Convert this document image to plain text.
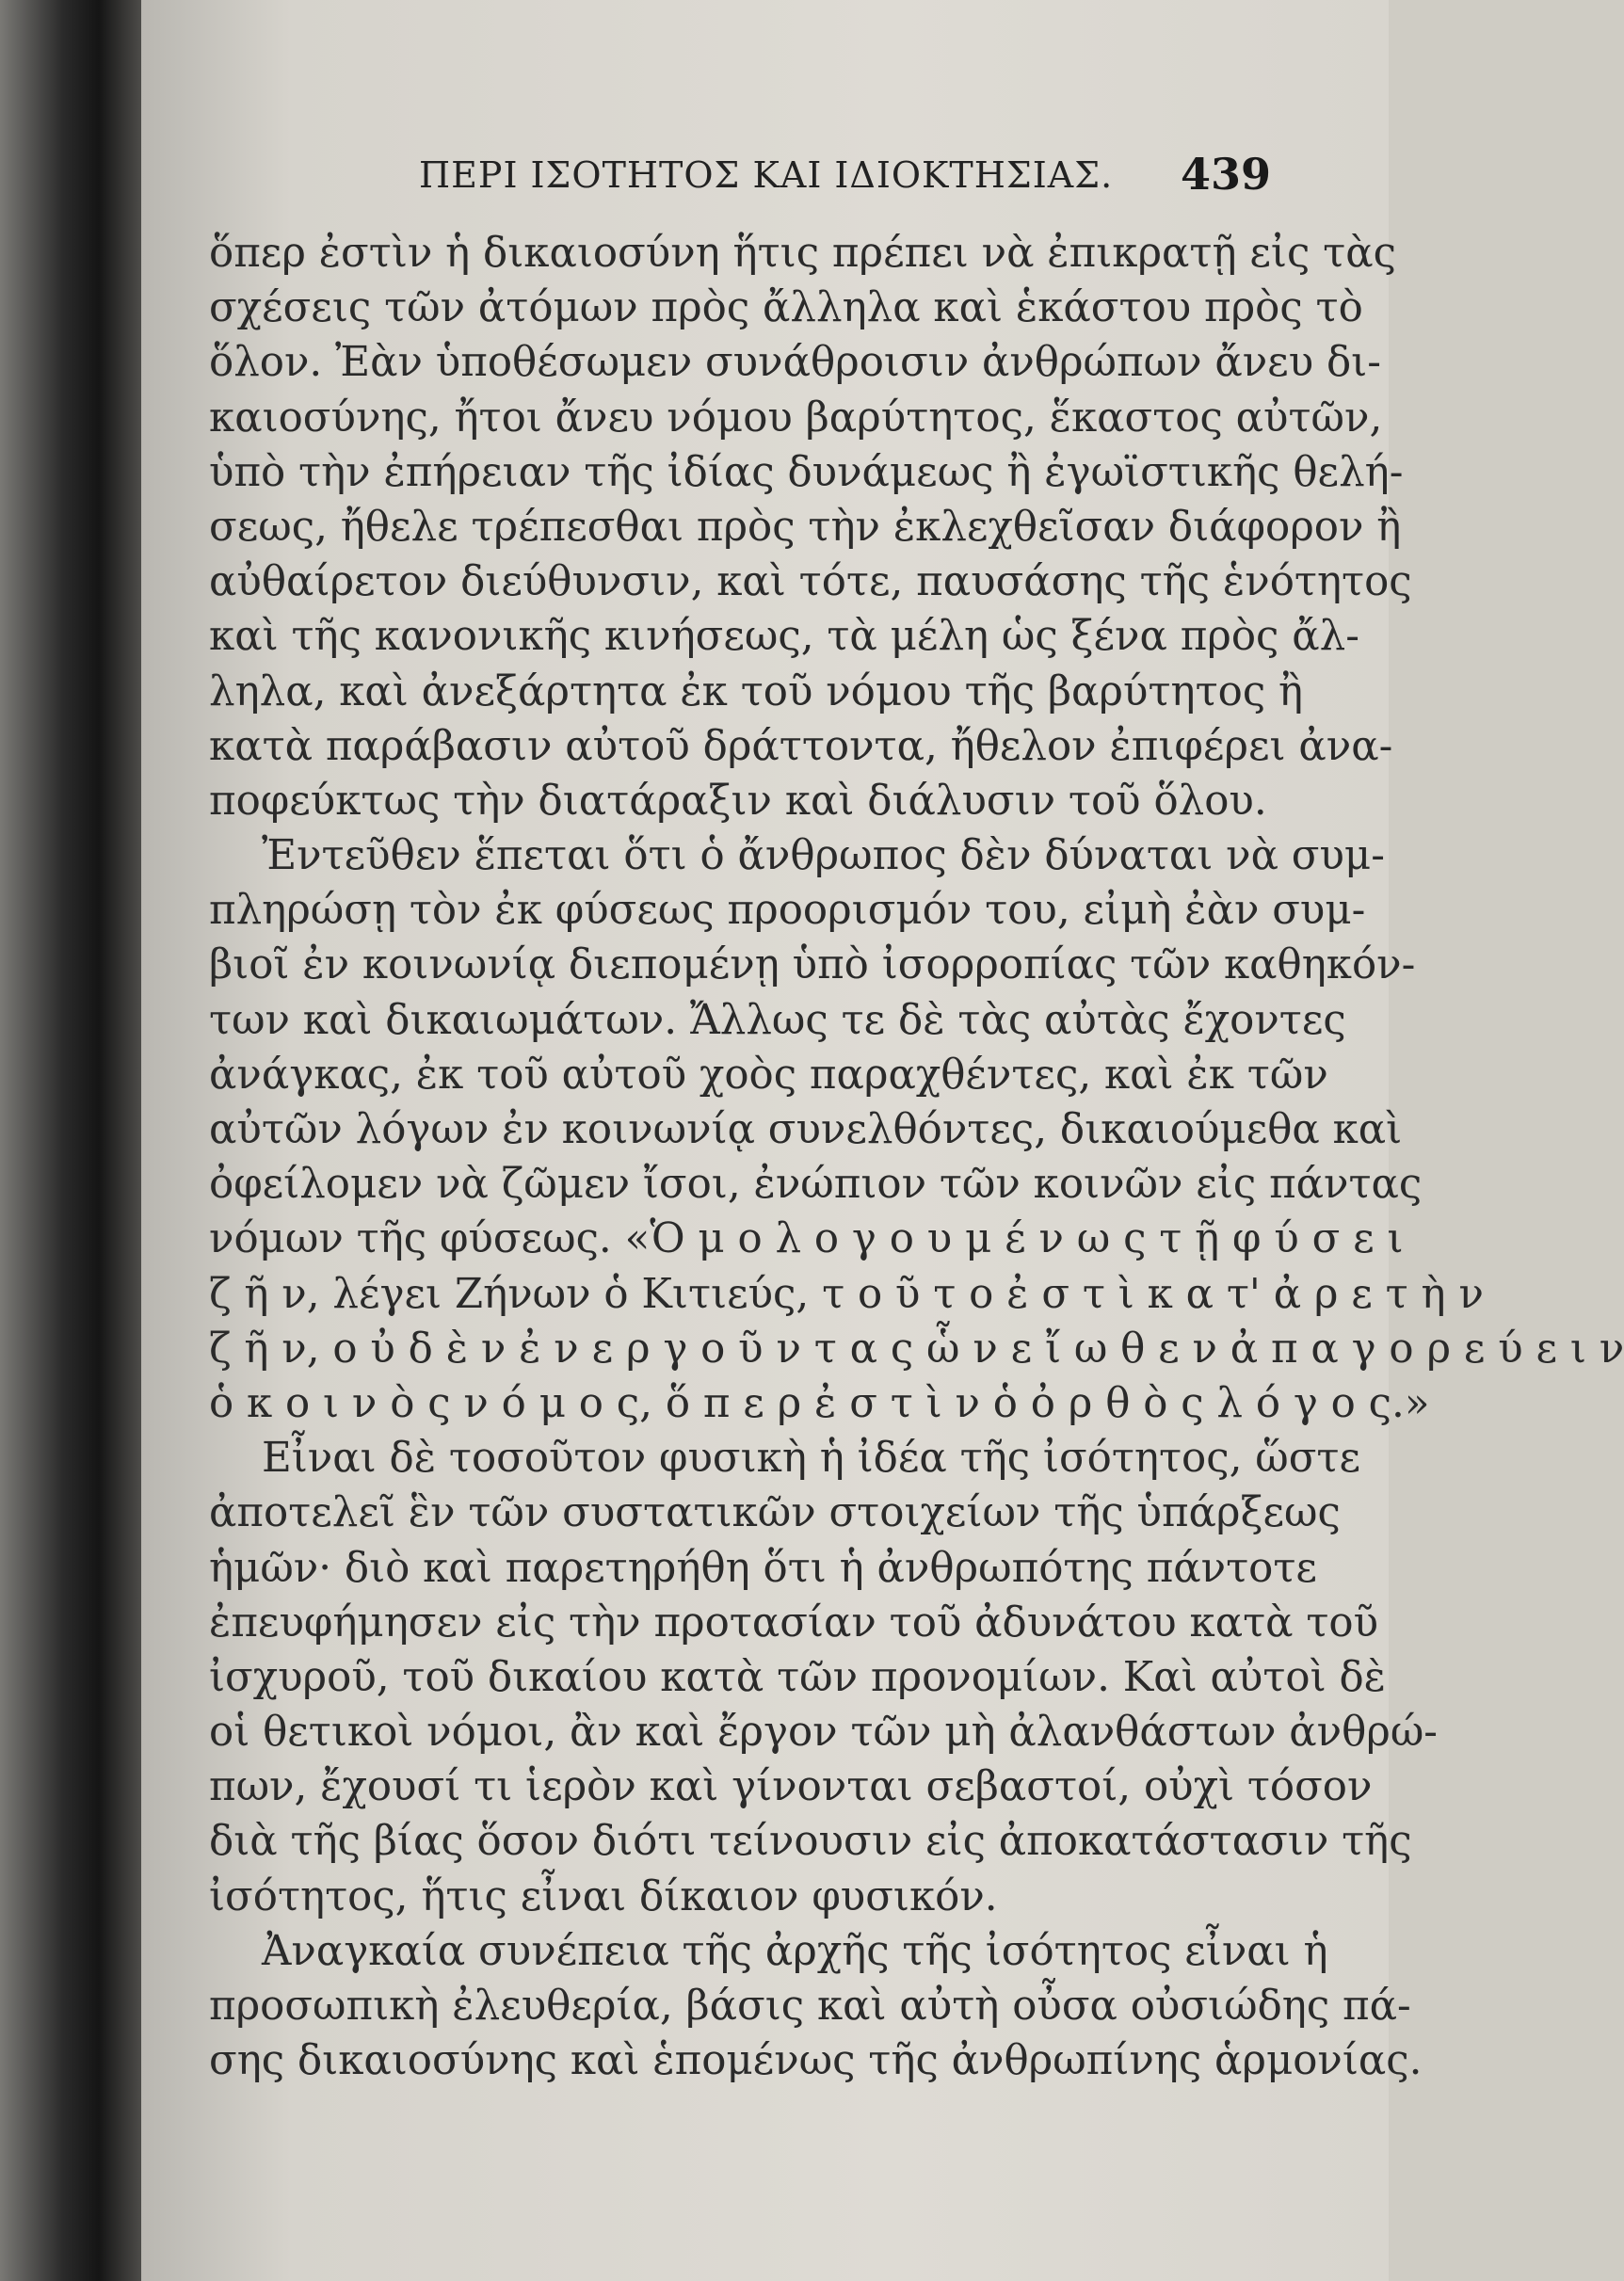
ΠΕΡΙ ΙΣΟΤΗΤΟΣ ΚΑΙ ΙΔΙΟΚΤΗΣΙΑΣ. 439
ὅπερ ἐστὶν ἡ δικαιοσύνη ἥτις πρέπει νὰ ἐπικρατῇ εἰς τὰς
σχέσεις τῶν ἀτόμων πρὸς ἄλληλα καὶ ἑκάστου πρὸς τὸ
ὅλον. Ἐὰν ὑποθέσωμεν συνάθροισιν ἀνθρώπων ἄνευ δι-
καιοσύνης, ἤτοι ἄνευ νόμου βαρύτητος, ἕκαστος αὐτῶν,
ὑπὸ τὴν ἐπήρειαν τῆς ἰδίας δυνάμεως ἢ ἐγωϊστικῆς θελή-
σεως, ἤθελε τρέπεσθαι πρὸς τὴν ἐκλεχθεῖσαν διάφορον ἢ
αὐθαίρετον διεύθυνσιν, καὶ τότε, παυσάσης τῆς ἑνότητος
καὶ τῆς κανονικῆς κινήσεως, τὰ μέλη ὡς ξένα πρὸς ἄλ-
ληλα, καὶ ἀνεξάρτητα ἐκ τοῦ νόμου τῆς βαρύτητος ἢ
κατὰ παράβασιν αὐτοῦ δράττοντα, ἤθελον ἐπιφέρει ἀνα-
ποφεύκτως τὴν διατάραξιν καὶ διάλυσιν τοῦ ὅλου.
Ἐντεῦθεν ἕπεται ὅτι ὁ ἄνθρωπος δὲν δύναται νὰ συμ-
πληρώσῃ τὸν ἐκ φύσεως προορισμόν του, εἰμὴ ἐὰν συμ-
βιοῖ ἐν κοινωνίᾳ διεπομένῃ ὑπὸ ἰσορροπίας τῶν καθηκόν-
των καὶ δικαιωμάτων. Ἄλλως τε δὲ τὰς αὐτὰς ἔχοντες
ἀνάγκας, ἐκ τοῦ αὐτοῦ χοὸς παραχθέντες, καὶ ἐκ τῶν
αὐτῶν λόγων ἐν κοινωνίᾳ συνελθόντες, δικαιούμεθα καὶ
ὀφείλομεν νὰ ζῶμεν ἴσοι, ἐνώπιον τῶν κοινῶν εἰς πάντας
νόμων τῆς φύσεως. «Ὁ μ ο λ ο γ ο υ μ έ ν ω ς τ ῇ φ ύ σ ε ι
ζ ῆ ν, λέγει Ζήνων ὁ Κιτιεύς, τ ο ῦ τ ο ἐ σ τ ὶ κ α τ' ἀ ρ ε τ ὴ ν
ζ ῆ ν, ο ὐ δ ὲ ν ἐ ν ε ρ γ ο ῦ ν τ α ς ὧ ν ε ἴ ω θ ε ν ἀ π α γ ο ρ ε ύ ε ι ν
ὁ κ ο ι ν ὸ ς ν ό μ ο ς, ὅ π ε ρ ἐ σ τ ὶ ν ὁ ὀ ρ θ ὸ ς λ ό γ ο ς.»
Εἶναι δὲ τοσοῦτον φυσικὴ ἡ ἰδέα τῆς ἰσότητος, ὥστε
ἀποτελεῖ ἓν τῶν συστατικῶν στοιχείων τῆς ὑπάρξεως
ἡμῶν· διὸ καὶ παρετηρήθη ὅτι ἡ ἀνθρωπότης πάντοτε
ἐπευφήμησεν εἰς τὴν προτασίαν τοῦ ἀδυνάτου κατὰ τοῦ
ἰσχυροῦ, τοῦ δικαίου κατὰ τῶν προνομίων. Καὶ αὐτοὶ δὲ
οἱ θετικοὶ νόμοι, ἂν καὶ ἔργον τῶν μὴ ἀλανθάστων ἀνθρώ-
πων, ἔχουσί τι ἱερὸν καὶ γίνονται σεβαστοί, οὐχὶ τόσον
διὰ τῆς βίας ὅσον διότι τείνουσιν εἰς ἀποκατάστασιν τῆς
ἰσότητος, ἥτις εἶναι δίκαιον φυσικόν.
Ἀναγκαία συνέπεια τῆς ἀρχῆς τῆς ἰσότητος εἶναι ἡ
προσωπικὴ ἐλευθερία, βάσις καὶ αὐτὴ οὖσα οὐσιώδης πά-
σης δικαιοσύνης καὶ ἑπομένως τῆς ἀνθρωπίνης ἁρμονίας.
